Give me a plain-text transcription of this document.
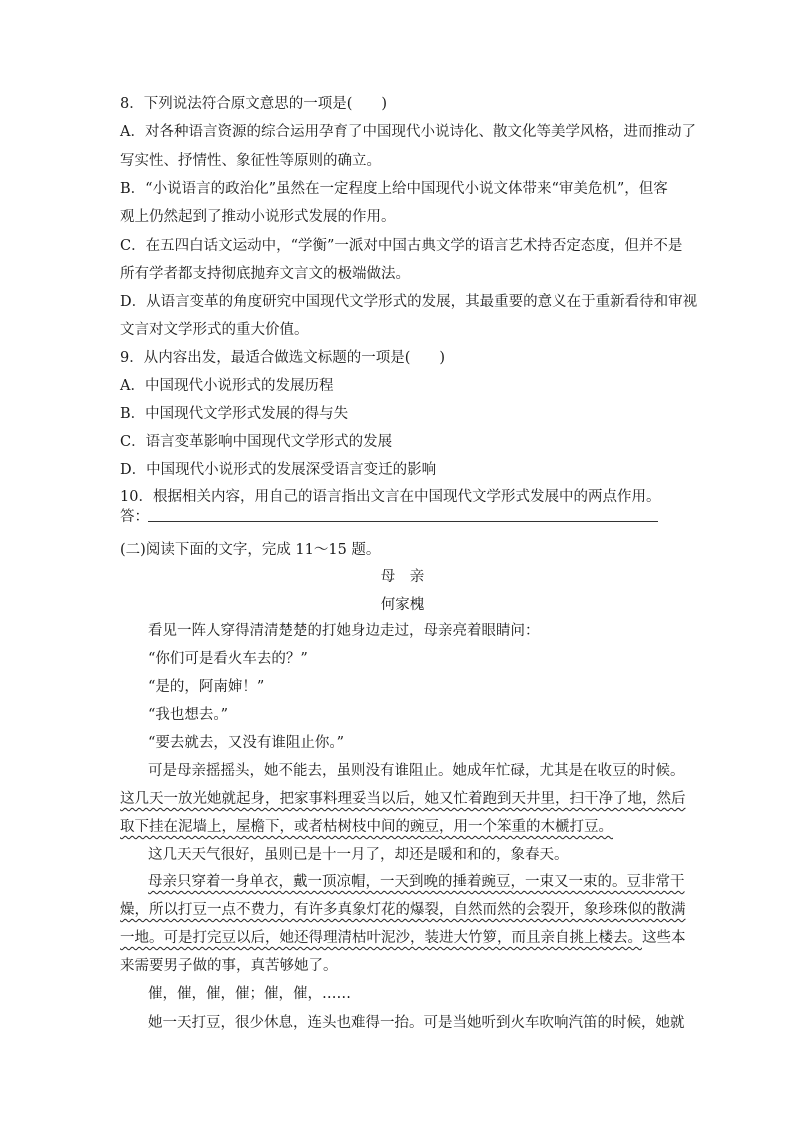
8．下列说法符合原文意思的一项是(　　)
A．对各种语言资源的综合运用孕育了中国现代小说诗化、散文化等美学风格，进而推动了
写实性、抒情性、象征性等原则的确立。
B．“小说语言的政治化”虽然在一定程度上给中国现代小说文体带来“审美危机”，但客
观上仍然起到了推动小说形式发展的作用。
C．在五四白话文运动中，“学衡”一派对中国古典文学的语言艺术持否定态度，但并不是
所有学者都支持彻底抛弃文言文的极端做法。
D．从语言变革的角度研究中国现代文学形式的发展，其最重要的意义在于重新看待和审视
文言对文学形式的重大价值。
9．从内容出发，最适合做选文标题的一项是(　　)
A．中国现代小说形式的发展历程
B．中国现代文学形式发展的得与失
C．语言变革影响中国现代文学形式的发展
D．中国现代小说形式的发展深受语言变迁的影响
10．根据相关内容，用自己的语言指出文言在中国现代文学形式发展中的两点作用。
答：
(二)阅读下面的文字，完成 11～15 题。
母　亲
何家槐
看见一阵人穿得清清楚楚的打她身边走过，母亲亮着眼睛问：
“你们可是看火车去的？”
“是的，阿南婶！”
“我也想去。”
“要去就去，又没有谁阻止你。”
可是母亲摇摇头，她不能去，虽则没有谁阻止。她成年忙碌，尤其是在收豆的时候。
这几天一放光她就起身，把家事料理妥当以后，她又忙着跑到天井里，扫干净了地，然后
取下挂在泥墙上，屋檐下，或者枯树枝中间的豌豆，用一个笨重的木榹打豆。
这几天天气很好，虽则已是十一月了，却还是暖和和的，象春天。
母亲只穿着一身单衣，戴一顶凉帽，一天到晚的捶着豌豆，一束又一束的。豆非常干
燥，所以打豆一点不费力，有许多真象灯花的爆裂，自然而然的会裂开，象珍珠似的散满
一地。可是打完豆以后，她还得理清枯叶泥沙，装进大竹箩，而且亲自挑上楼去。这些本
来需要男子做的事，真苦够她了。
催，催，催，催；催，催，……
她一天打豆，很少休息，连头也难得一抬。可是当她听到火车吹响汽笛的时候，她就
